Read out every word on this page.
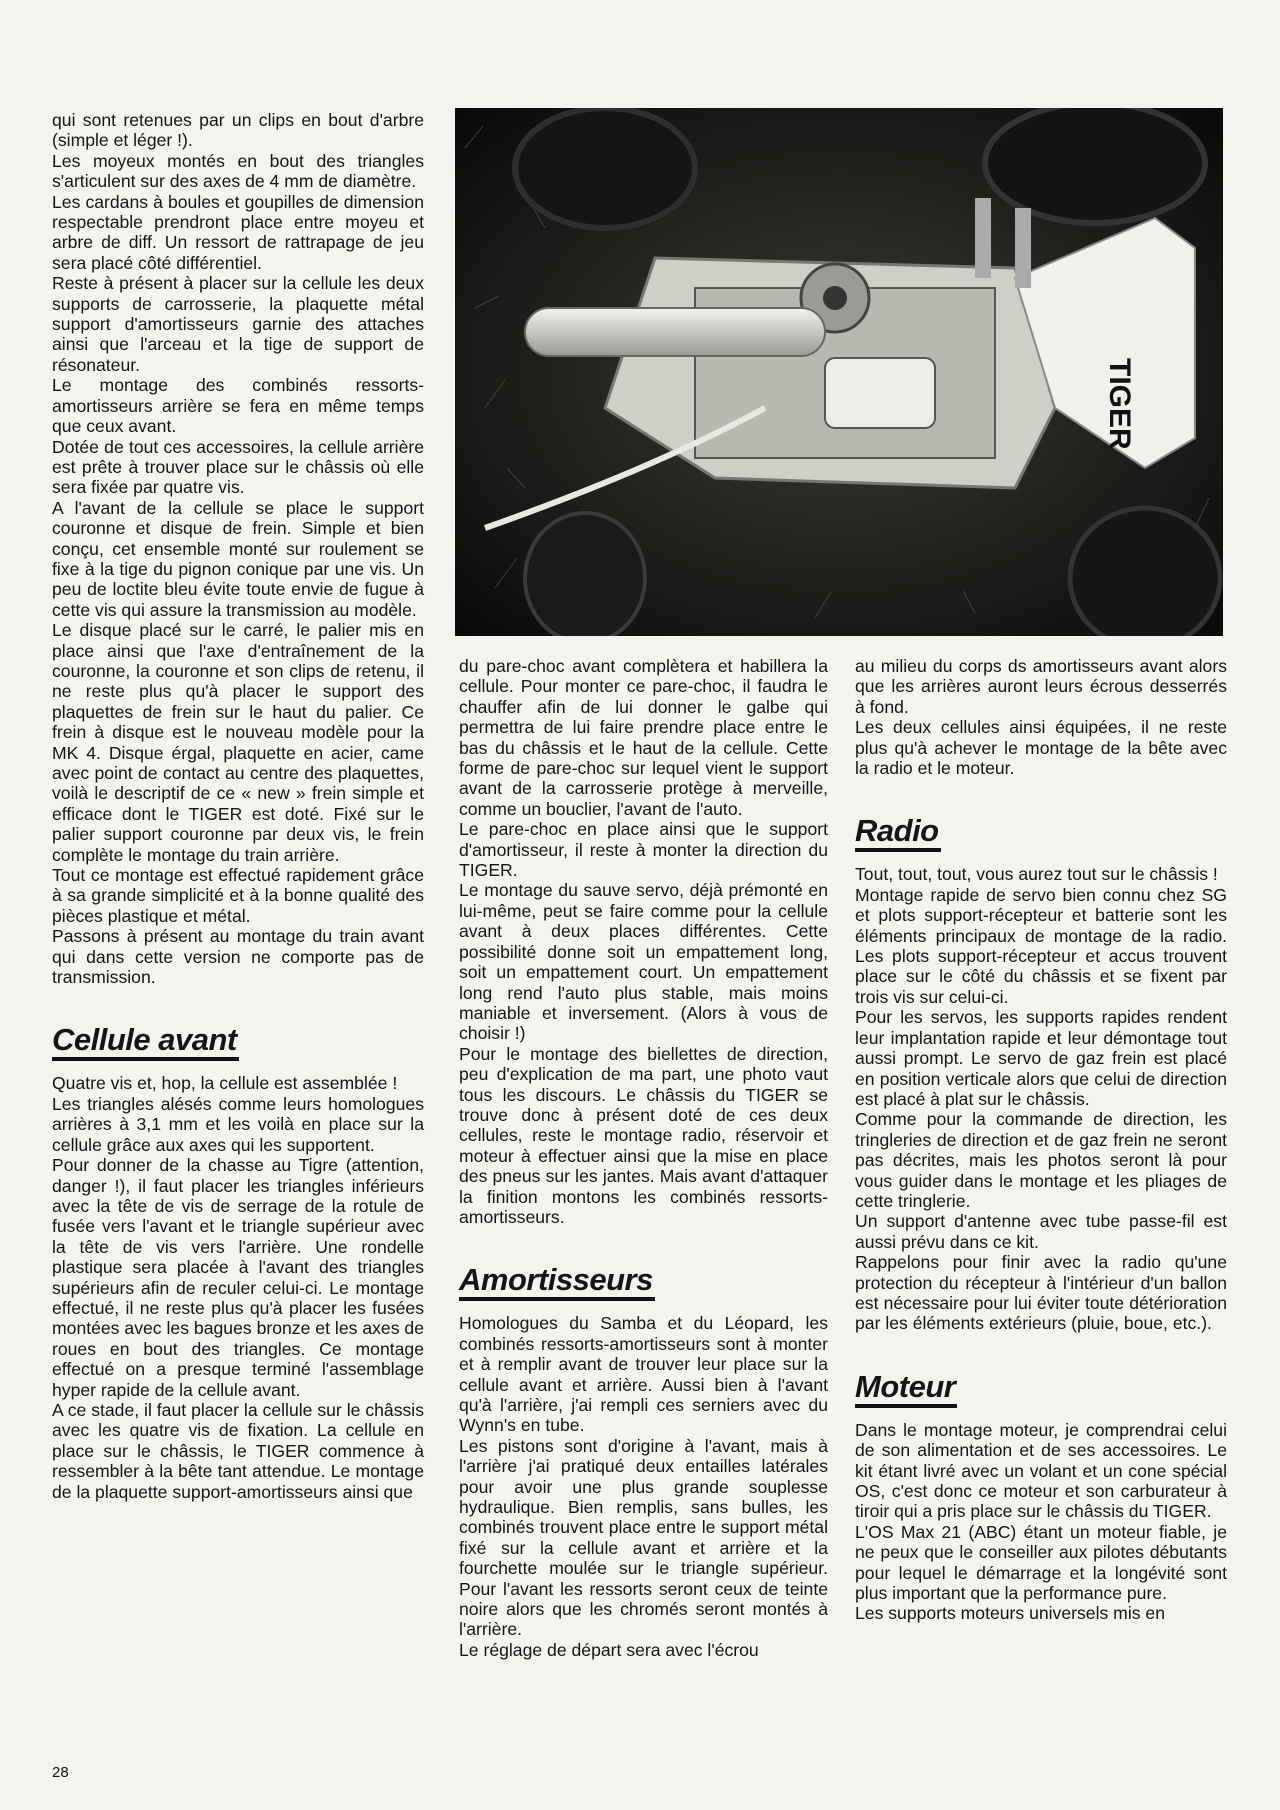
TIGER

qui sont retenues par un clips en bout d'arbre (simple et léger !).

Les moyeux montés en bout des triangles s'articulent sur des axes de 4 mm de diamètre.

Les cardans à boules et goupilles de dimension respectable prendront place entre moyeu et arbre de diff. Un ressort de rattrapage de jeu sera placé côté différentiel.

Reste à présent à placer sur la cellule les deux supports de carrosserie, la plaquette métal support d'amortisseurs garnie des attaches ainsi que l'arceau et la tige de support de résonateur.

Le montage des combinés ressorts-amortisseurs arrière se fera en même temps que ceux avant.

Dotée de tout ces accessoires, la cellule arrière est prête à trouver place sur le châssis où elle sera fixée par quatre vis.

A l'avant de la cellule se place le support couronne et disque de frein. Simple et bien conçu, cet ensemble monté sur roulement se fixe à la tige du pignon conique par une vis. Un peu de loctite bleu évite toute envie de fugue à cette vis qui assure la transmission au modèle.

Le disque placé sur le carré, le palier mis en place ainsi que l'axe d'entraînement de la couronne, la couronne et son clips de retenu, il ne reste plus qu'à placer le support des plaquettes de frein sur le haut du palier. Ce frein à disque est le nouveau modèle pour la MK 4. Disque érgal, plaquette en acier, came avec point de contact au centre des plaquettes, voilà le descriptif de ce « new » frein simple et efficace dont le TIGER est doté. Fixé sur le palier support couronne par deux vis, le frein complète le montage du train arrière.

Tout ce montage est effectué rapidement grâce à sa grande simplicité et à la bonne qualité des pièces plastique et métal.

Passons à présent au montage du train avant qui dans cette version ne comporte pas de transmission.

Cellule avant

Quatre vis et, hop, la cellule est assemblée !

Les triangles alésés comme leurs homologues arrières à 3,1 mm et les voilà en place sur la cellule grâce aux axes qui les supportent.

Pour donner de la chasse au Tigre (attention, danger !), il faut placer les triangles inférieurs avec la tête de vis de serrage de la rotule de fusée vers l'avant et le triangle supérieur avec la tête de vis vers l'arrière. Une rondelle plastique sera placée à l'avant des triangles supérieurs afin de reculer celui-ci. Le montage effectué, il ne reste plus qu'à placer les fusées montées avec les bagues bronze et les axes de roues en bout des triangles. Ce montage effectué on a presque terminé l'assemblage hyper rapide de la cellule avant.

A ce stade, il faut placer la cellule sur le châssis avec les quatre vis de fixation. La cellule en place sur le châssis, le TIGER commence à ressembler à la bête tant attendue. Le montage de la plaquette support-amortisseurs ainsi que

du pare-choc avant complètera et habillera la cellule. Pour monter ce pare-choc, il faudra le chauffer afin de lui donner le galbe qui permettra de lui faire prendre place entre le bas du châssis et le haut de la cellule. Cette forme de pare-choc sur lequel vient le support avant de la carrosserie protège à merveille, comme un bouclier, l'avant de l'auto.

Le pare-choc en place ainsi que le support d'amortisseur, il reste à monter la direction du TIGER.

Le montage du sauve servo, déjà prémonté en lui-même, peut se faire comme pour la cellule avant à deux places différentes. Cette possibilité donne soit un empattement long, soit un empattement court. Un empattement long rend l'auto plus stable, mais moins maniable et inversement. (Alors à vous de choisir !)

Pour le montage des biellettes de direction, peu d'explication de ma part, une photo vaut tous les discours. Le châssis du TIGER se trouve donc à présent doté de ces deux cellules, reste le montage radio, réservoir et moteur à effectuer ainsi que la mise en place des pneus sur les jantes. Mais avant d'attaquer la finition montons les combinés ressorts-amortisseurs.

Amortisseurs

Homologues du Samba et du Léopard, les combinés ressorts-amortisseurs sont à monter et à remplir avant de trouver leur place sur la cellule avant et arrière. Aussi bien à l'avant qu'à l'arrière, j'ai rempli ces serniers avec du Wynn's en tube.

Les pistons sont d'origine à l'avant, mais à l'arrière j'ai pratiqué deux entailles latérales pour avoir une plus grande souplesse hydraulique. Bien remplis, sans bulles, les combinés trouvent place entre le support métal fixé sur la cellule avant et arrière et la fourchette moulée sur le triangle supérieur. Pour l'avant les ressorts seront ceux de teinte noire alors que les chromés seront montés à l'arrière.

Le réglage de départ sera avec l'écrou

au milieu du corps ds amortisseurs avant alors que les arrières auront leurs écrous desserrés à fond.

Les deux cellules ainsi équipées, il ne reste plus qu'à achever le montage de la bête avec la radio et le moteur.

Radio

Tout, tout, tout, vous aurez tout sur le châssis !

Montage rapide de servo bien connu chez SG et plots support-récepteur et batterie sont les éléments principaux de montage de la radio. Les plots support-récepteur et accus trouvent place sur le côté du châssis et se fixent par trois vis sur celui-ci.

Pour les servos, les supports rapides rendent leur implantation rapide et leur démontage tout aussi prompt. Le servo de gaz frein est placé en position verticale alors que celui de direction est placé à plat sur le châssis.

Comme pour la commande de direction, les tringleries de direction et de gaz frein ne seront pas décrites, mais les photos seront là pour vous guider dans le montage et les pliages de cette tringlerie.

Un support d'antenne avec tube passe-fil est aussi prévu dans ce kit.

Rappelons pour finir avec la radio qu'une protection du récepteur à l'intérieur d'un ballon est nécessaire pour lui éviter toute détérioration par les éléments extérieurs (pluie, boue, etc.).

Moteur

Dans le montage moteur, je comprendrai celui de son alimentation et de ses accessoires. Le kit étant livré avec un volant et un cone spécial OS, c'est donc ce moteur et son carburateur à tiroir qui a pris place sur le châssis du TIGER.

L'OS Max 21 (ABC) étant un moteur fiable, je ne peux que le conseiller aux pilotes débutants pour lequel le démarrage et la longévité sont plus important que la performance pure.

Les supports moteurs universels mis en

28
